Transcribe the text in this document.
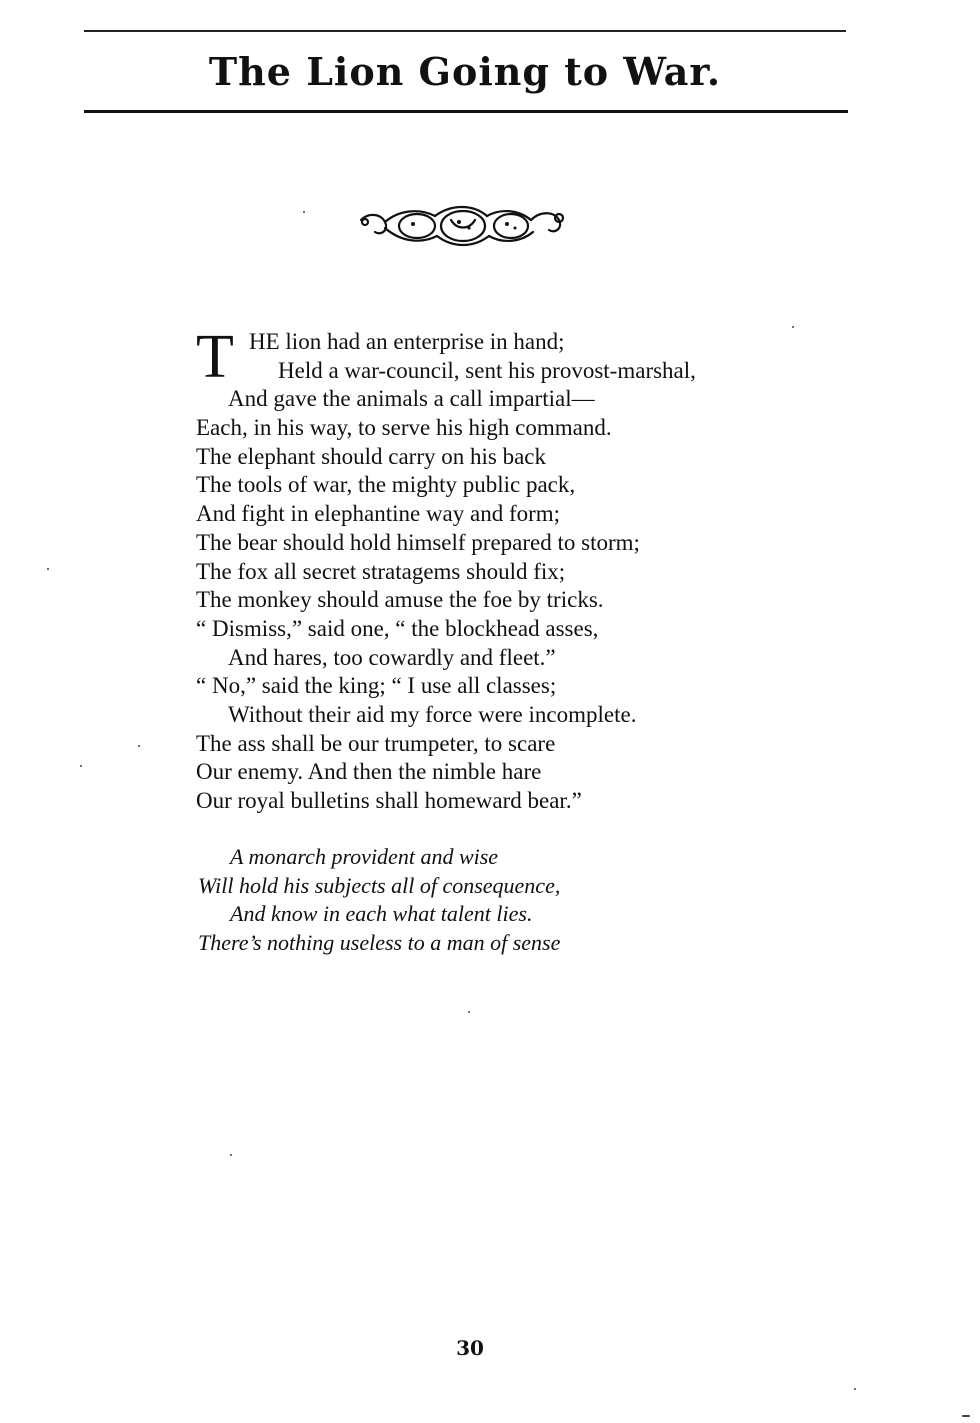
The Lion Going to War.
T HE lion had an enterprise in hand;
Held a war-council, sent his provost-marshal,
And gave the animals a call impartial—
Each, in his way, to serve his high command.
The elephant should carry on his back
The tools of war, the mighty public pack,
And fight in elephantine way and form;
The bear should hold himself prepared to storm;
The fox all secret stratagems should fix;
The monkey should amuse the foe by tricks.
“ Dismiss,” said one, “ the blockhead asses,
And hares, too cowardly and fleet.”
“ No,” said the king; “ I use all classes;
Without their aid my force were incomplete.
The ass shall be our trumpeter, to scare
Our enemy. And then the nimble hare
Our royal bulletins shall homeward bear.”
A monarch provident and wise
Will hold his subjects all of consequence,
And know in each what talent lies.
There’s nothing useless to a man of sense
30
